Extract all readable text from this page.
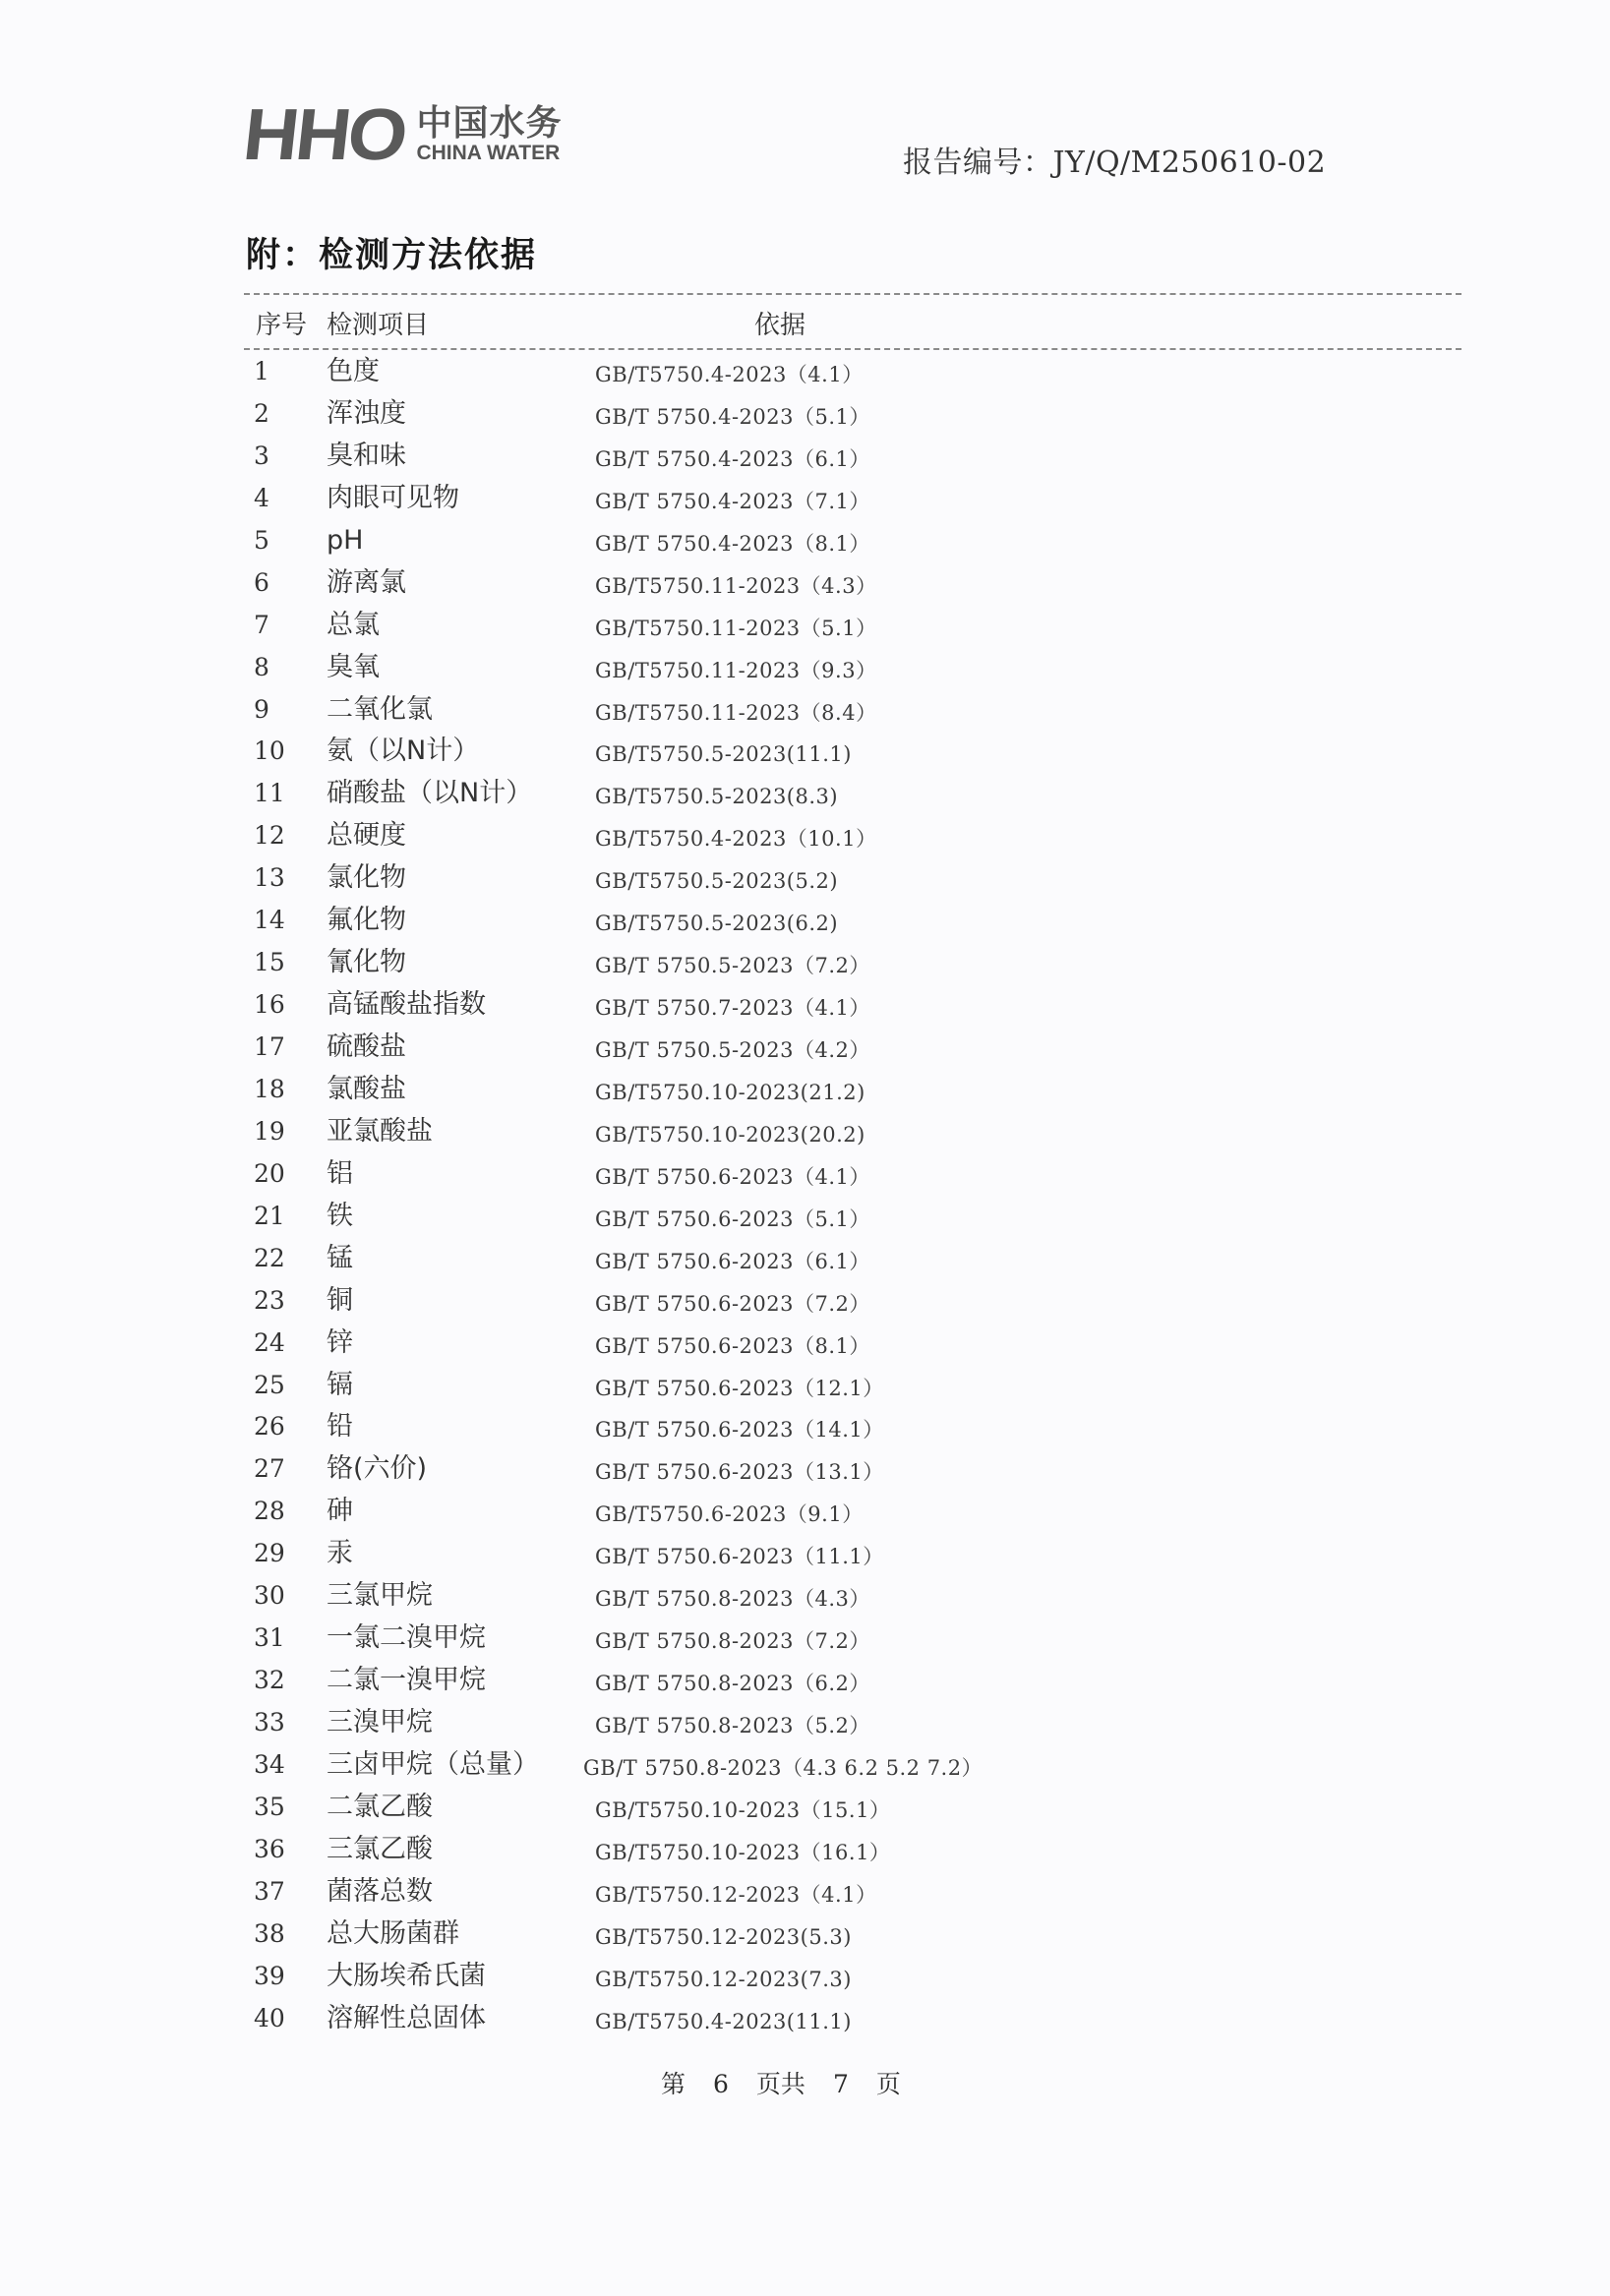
HHO 中国水务
CHINA WATER	报告编号：JY/Q/M250610-02
附：检测方法依据
序号 检测项目	依据
1 色度	GB/T5750.4-2023（4.1）
2 浑浊度	GB/T 5750.4-2023（5.1）
3 臭和味	GB/T 5750.4-2023（6.1）
4 肉眼可见物	GB/T 5750.4-2023（7.1）
5 pH	GB/T 5750.4-2023（8.1）
6 游离氯	GB/T5750.11-2023（4.3）
7 总氯	GB/T5750.11-2023（5.1）
8 臭氧	GB/T5750.11-2023（9.3）
9 二氧化氯	GB/T5750.11-2023（8.4）
10 氨（以N计）	GB/T5750.5-2023(11.1)
11 硝酸盐（以N计）	GB/T5750.5-2023(8.3)
12 总硬度	GB/T5750.4-2023（10.1）
13 氯化物	GB/T5750.5-2023(5.2)
14 氟化物	GB/T5750.5-2023(6.2)
15 氰化物	GB/T 5750.5-2023（7.2）
16 高锰酸盐指数	GB/T 5750.7-2023（4.1）
17 硫酸盐	GB/T 5750.5-2023（4.2）
18 氯酸盐	GB/T5750.10-2023(21.2)
19 亚氯酸盐	GB/T5750.10-2023(20.2)
20 铝	GB/T 5750.6-2023（4.1）
21 铁	GB/T 5750.6-2023（5.1）
22 锰	GB/T 5750.6-2023（6.1）
23 铜	GB/T 5750.6-2023（7.2）
24 锌	GB/T 5750.6-2023（8.1）
25 镉	GB/T 5750.6-2023（12.1）
26 铅	GB/T 5750.6-2023（14.1）
27 铬(六价)	GB/T 5750.6-2023（13.1）
28 砷	GB/T5750.6-2023（9.1）
29 汞	GB/T 5750.6-2023（11.1）
30 三氯甲烷	GB/T 5750.8-2023（4.3）
31 一氯二溴甲烷	GB/T 5750.8-2023（7.2）
32 二氯一溴甲烷	GB/T 5750.8-2023（6.2）
33 三溴甲烷	GB/T 5750.8-2023（5.2）
34 三卤甲烷（总量） GB/T 5750.8-2023（4.3 6.2 5.2 7.2）
35 二氯乙酸	GB/T5750.10-2023（15.1）
36 三氯乙酸	GB/T5750.10-2023（16.1）
37 菌落总数	GB/T5750.12-2023（4.1）
38 总大肠菌群	GB/T5750.12-2023(5.3)
39 大肠埃希氏菌	GB/T5750.12-2023(7.3)
40 溶解性总固体	GB/T5750.4-2023(11.1)
第 6 页共 7 页
